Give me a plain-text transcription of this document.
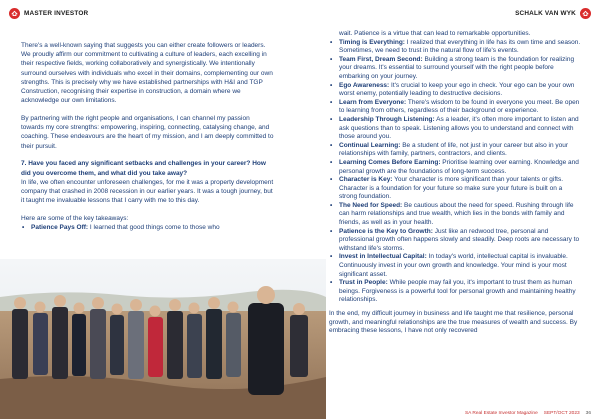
MASTER INVESTOR	SCHALK VAN WYK

There's a well-known saying that suggests you can either create followers or leaders. We proudly affirm our commitment to cultivating a culture of leaders, each excelling in their respective fields, working collaboratively and synergistically. We intentionally surround ourselves with individuals who excel in their domains, complementing our own strengths. This is precisely why we have established partnerships with H&I and TGP Construction, recognising their expertise in construction, a domain where we acknowledge our own limitations.

By partnering with the right people and organisations, I can channel my passion towards my core strengths: empowering, inspiring, connecting, catalysing change, and coaching. These endeavours are the heart of my mission, and I am deeply committed to their pursuit.

7. Have you faced any significant setbacks and challenges in your career? How did you overcome them, and what did you take away?

In life, we often encounter unforeseen challenges, for me it was a property development company that crashed in 2008 recession in our earlier years. It was a tough journey, but it taught me invaluable lessons that I carry with me to this day.

Here are some of the key takeaways:

• Patience Pays Off: I learned that good things come to those who
wait. Patience is a virtue that can lead to remarkable opportunities.
• Timing is Everything: I realized that everything in life has its own time and season. Sometimes, we need to trust in the natural flow of life's events.
• Team First, Dream Second: Building a strong team is the foundation for realizing your dreams. It's essential to surround yourself with the right people before embarking on your journey.
• Ego Awareness: It's crucial to keep your ego in check. Your ego can be your own worst enemy, potentially leading to destructive decisions.
• Learn from Everyone: There's wisdom to be found in everyone you meet. Be open to learning from others, regardless of their background or experience.
• Leadership Through Listening: As a leader, it's often more important to listen and ask questions than to speak. Listening allows you to understand and connect with those around you.
• Continual Learning: Be a student of life, not just in your career but also in your relationships with family, partners, contractors, and clients.
• Learning Comes Before Earning: Prioritise learning over earning. Knowledge and personal growth are the foundations of long-term success.
• Character is Key: Your character is more significant than your talents or gifts. Character is a foundation for your future so make sure your future is built on a strong foundation.
• The Need for Speed: Be cautious about the need for speed. Rushing through life can harm relationships and true wealth, which lies in the bonds with family and friends, as well as in your health.
• Patience is the Key to Growth: Just like an redwood tree, personal and professional growth often happens slowly and steadily. Deep roots are necessary to withstand life's storms.
• Invest in Intellectual Capital: In today's world, intellectual capital is invaluable. Continuously invest in your own growth and knowledge. Your mind is your most significant asset.
• Trust in People: While people may fail you, it's important to trust them as human beings. Forgiveness is a powerful tool for personal growth and maintaining healthy relationships.

In the end, my difficult journey in business and life taught me that resilience, personal growth, and meaningful relationships are the true measures of wealth and success. By embracing these lessons, I have not only recovered

SA Real Estate Investor Magazine SEPT/OCT 2023 36
